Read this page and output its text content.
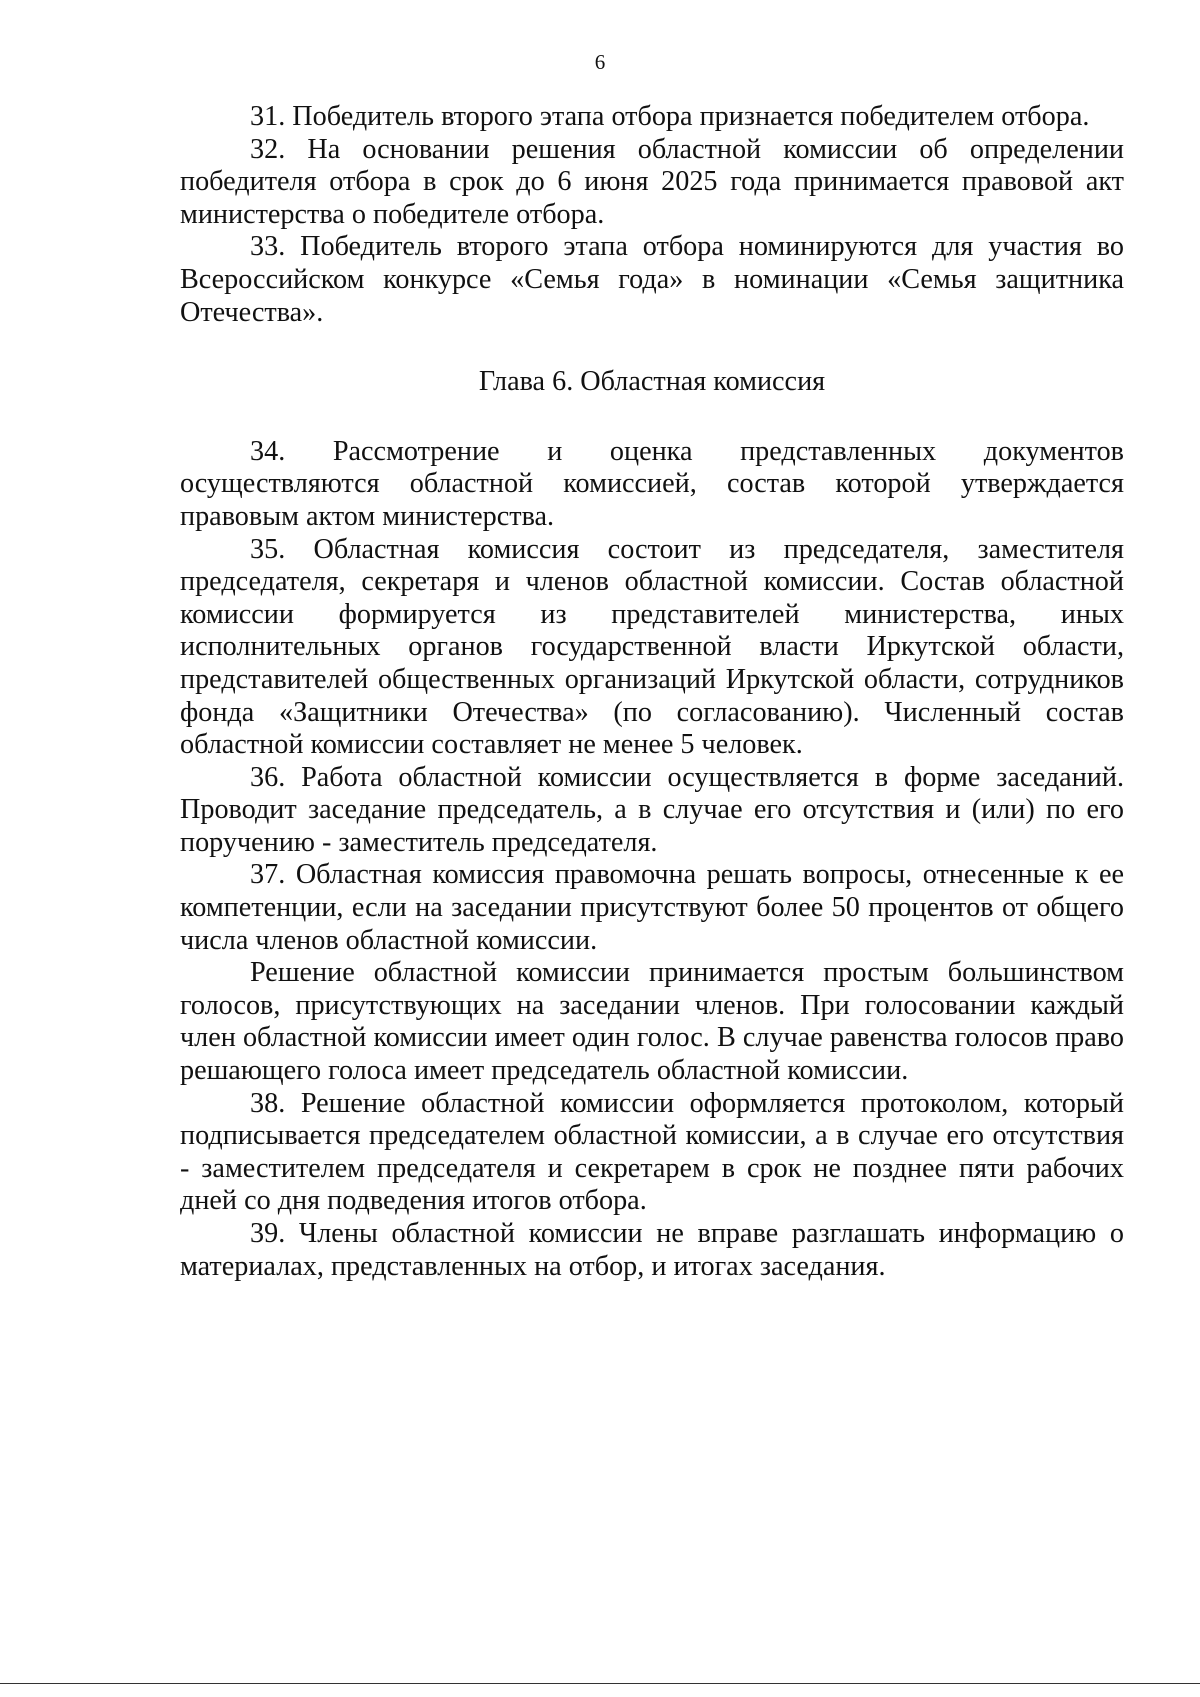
6

31. Победитель второго этапа отбора признается победителем отбора.

32. На основании решения областной комиссии об определении победителя отбора в срок до 6 июня 2025 года принимается правовой акт министерства о победителе отбора.

33. Победитель второго этапа отбора номинируются для участия во Всероссийском конкурсе «Семья года» в номинации «Семья защитника Отечества».

Глава 6. Областная комиссия

34. Рассмотрение и оценка представленных документов осуществляются областной комиссией, состав которой утверждается правовым актом министерства.

35. Областная комиссия состоит из председателя, заместителя председателя, секретаря и членов областной комиссии. Состав областной комиссии формируется из представителей министерства, иных исполнительных органов государственной власти Иркутской области, представителей общественных организаций Иркутской области, сотрудников фонда «Защитники Отечества» (по согласованию). Численный состав областной комиссии составляет не менее 5 человек.

36. Работа областной комиссии осуществляется в форме заседаний. Проводит заседание председатель, а в случае его отсутствия и (или) по его поручению - заместитель председателя.

37. Областная комиссия правомочна решать вопросы, отнесенные к ее компетенции, если на заседании присутствуют более 50 процентов от общего числа членов областной комиссии.

Решение областной комиссии принимается простым большинством голосов, присутствующих на заседании членов. При голосовании каждый член областной комиссии имеет один голос. В случае равенства голосов право решающего голоса имеет председатель областной комиссии.

38. Решение областной комиссии оформляется протоколом, который подписывается председателем областной комиссии, а в случае его отсутствия - заместителем председателя и секретарем в срок не позднее пяти рабочих дней со дня подведения итогов отбора.

39. Члены областной комиссии не вправе разглашать информацию о материалах, представленных на отбор, и итогах заседания.
